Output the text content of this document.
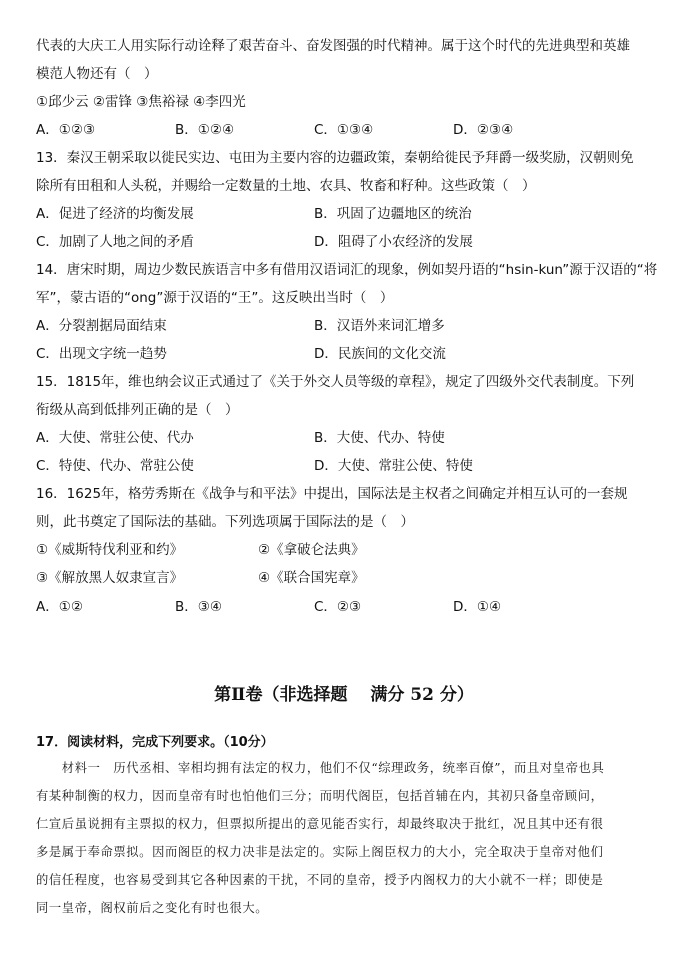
代表的大庆工人用实际行动诠释了艰苦奋斗、奋发图强的时代精神。属于这个时代的先进典型和英雄
模范人物还有（　）
①邱少云 ②雷锋 ③焦裕禄 ④李四光
A．①②③	B．①②④	C．①③④	D．②③④
13．秦汉王朝采取以徙民实边、屯田为主要内容的边疆政策，秦朝给徙民予拜爵一级奖励，汉朝则免
除所有田租和人头税，并赐给一定数量的土地、农具、牧畜和籽种。这些政策（　）
A．促进了经济的均衡发展	B．巩固了边疆地区的统治
C．加剧了人地之间的矛盾	D．阻碍了小农经济的发展
14．唐宋时期，周边少数民族语言中多有借用汉语词汇的现象，例如契丹语的“hsin-kun”源于汉语的“将
军”，蒙古语的“ong”源于汉语的“王”。这反映出当时（　）
A．分裂割据局面结束	B．汉语外来词汇增多
C．出现文字统一趋势	D．民族间的文化交流
15．1815年，维也纳会议正式通过了《关于外交人员等级的章程》，规定了四级外交代表制度。下列
衔级从高到低排列正确的是（　）
A．大使、常驻公使、代办	B．大使、代办、特使
C．特使、代办、常驻公使	D．大使、常驻公使、特使
16．1625年，格劳秀斯在《战争与和平法》中提出，国际法是主权者之间确定并相互认可的一套规
则，此书奠定了国际法的基础。下列选项属于国际法的是（　）
①《威斯特伐利亚和约》	②《拿破仑法典》
③《解放黑人奴隶宣言》	④《联合国宪章》
A．①②	B．③④	C．②③	D．①④
第Ⅱ卷（非选择题　 满分 52 分）
17．阅读材料，完成下列要求。（10分）
　　材料一　历代丞相、宰相均拥有法定的权力，他们不仅“综理政务，统率百僚”，而且对皇帝也具
有某种制衡的权力，因而皇帝有时也怕他们三分；而明代阁臣，包括首辅在内，其初只备皇帝顾问，
仁宣后虽说拥有主票拟的权力，但票拟所提出的意见能否实行，却最终取决于批红，况且其中还有很
多是属于奉命票拟。因而阁臣的权力决非是法定的。实际上阁臣权力的大小，完全取决于皇帝对他们
的信任程度，也容易受到其它各种因素的干扰，不同的皇帝，授予内阁权力的大小就不一样；即使是
同一皇帝，阁权前后之变化有时也很大。
